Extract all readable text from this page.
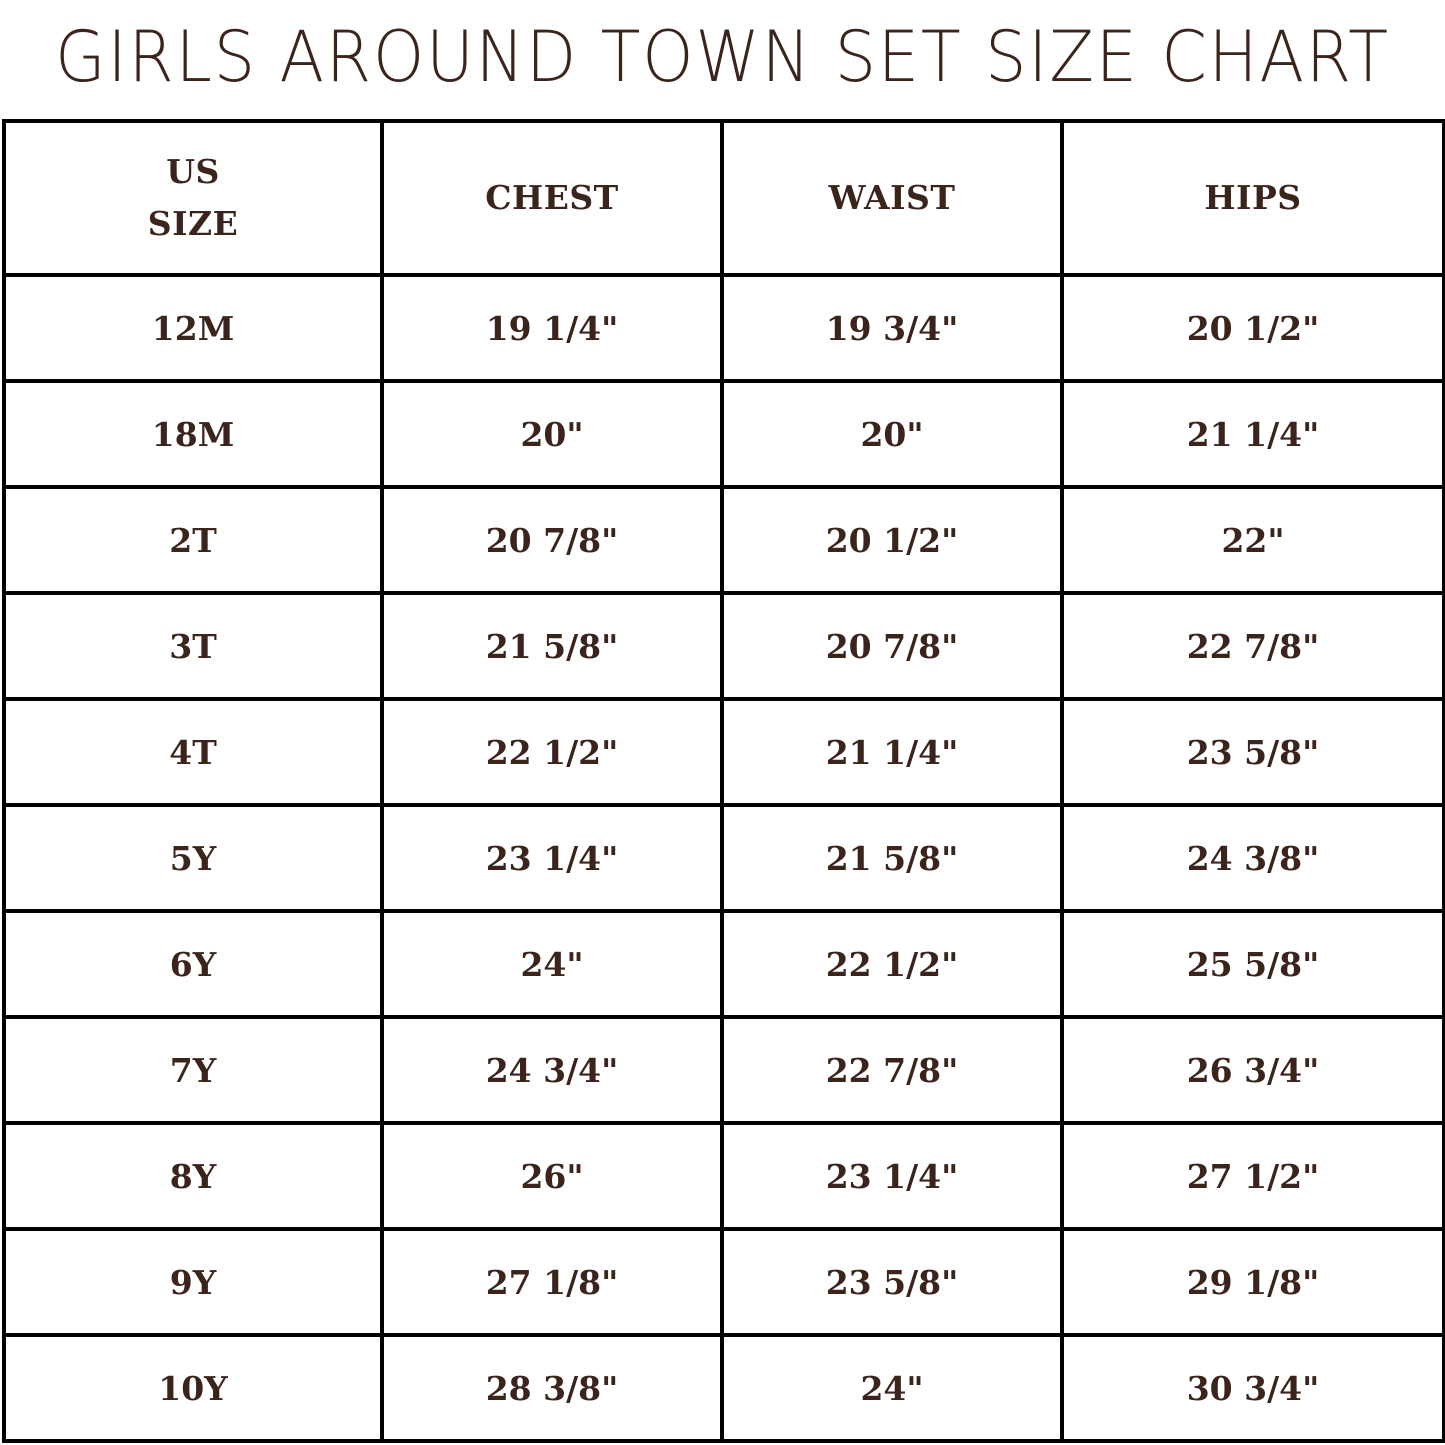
GIRLS AROUND TOWN SET SIZE CHART
US
SIZE	CHEST	WAIST	HIPS
12M	19 1/4"	19 3/4"	20 1/2"
18M	20"	20"	21 1/4"
2T	20 7/8"	20 1/2"	22"
3T	21 5/8"	20 7/8"	22 7/8"
4T	22 1/2"	21 1/4"	23 5/8"
5Y	23 1/4"	21 5/8"	24 3/8"
6Y	24"	22 1/2"	25 5/8"
7Y	24 3/4"	22 7/8"	26 3/4"
8Y	26"	23 1/4"	27 1/2"
9Y	27 1/8"	23 5/8"	29 1/8"
10Y	28 3/8"	24"	30 3/4"
